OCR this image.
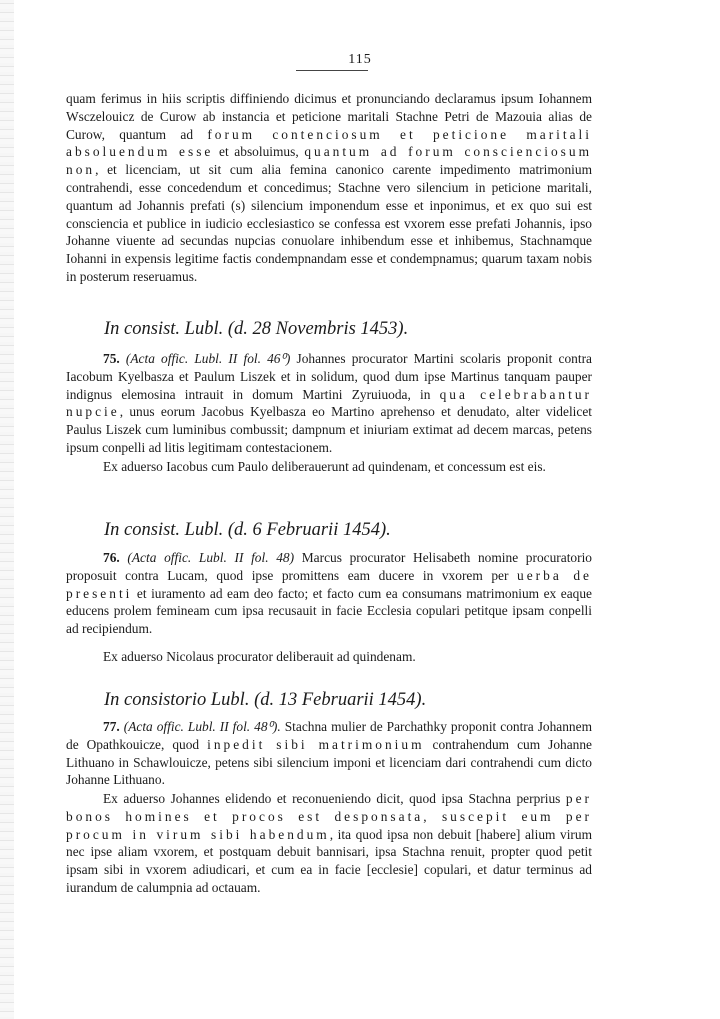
115

quam ferimus in hiis scriptis diffiniendo dicimus et pronunciando declaramus ipsum Iohannem Wsczelouicz de Curow ab instancia et peticione maritali Stachne Petri de Mazouia alias de Curow, quantum ad forum contenciosum et peticione maritali absoluendum esse et absoluimus, quantum ad forum conscienciosum non, et licenciam, ut sit cum alia femina canonico carente impedimento matrimonium contrahendi, esse concedendum et concedimus; Stachne vero silencium in peticione maritali, quantum ad Johannis prefati (s) silencium imponendum esse et inponimus, et ex quo sui est consciencia et publice in iudicio ecclesiastico se confessa est vxorem esse prefati Johannis, ipso Johanne viuente ad secundas nupcias conuolare inhibendum esse et inhibemus, Stachnamque Iohanni in expensis legitime factis condempnandam esse et condempnamus; quarum taxam nobis in posterum reseruamus.

In consist. Lubl. (d. 28 Novembris 1453).

75. (Acta offic. Lubl. II fol. 46⁰) Johannes procurator Martini scolaris proponit contra Iacobum Kyelbasza et Paulum Liszek et in solidum, quod dum ipse Martinus tanquam pauper indignus elemosina intrauit in domum Martini Zyruiuoda, in qua celebrabantur nupcie, unus eorum Jacobus Kyelbasza eo Martino aprehenso et denudato, alter videlicet Paulus Liszek cum luminibus combussit; dampnum et iniuriam extimat ad decem marcas, petens ipsum conpelli ad litis legitimam contestacionem.

Ex aduerso Iacobus cum Paulo deliberauerunt ad quindenam, et concessum est eis.

In consist. Lubl. (d. 6 Februarii 1454).

76. (Acta offic. Lubl. II fol. 48) Marcus procurator Helisabeth nomine procuratorio proposuit contra Lucam, quod ipse promittens eam ducere in vxorem per uerba de presenti et iuramento ad eam deo facto; et facto cum ea consumans matrimonium ex eaque educens prolem femineam cum ipsa recusauit in facie Ecclesia copulari petitque ipsam conpelli ad recipiendum.

Ex aduerso Nicolaus procurator deliberauit ad quindenam.

In consistorio Lubl. (d. 13 Februarii 1454).

77. (Acta offic. Lubl. II fol. 48⁰). Stachna mulier de Parchathky proponit contra Johannem de Opathkouicze, quod inpedit sibi matrimonium contrahendum cum Johanne Lithuano in Schawlouicze, petens sibi silencium imponi et licenciam dari contrahendi cum dicto Johanne Lithuano.

Ex aduerso Johannes elidendo et reconueniendo dicit, quod ipsa Stachna perprius per bonos homines et procos est desponsata, suscepit eum per procum in virum sibi habendum, ita quod ipsa non debuit [habere] alium virum nec ipse aliam vxorem, et postquam debuit bannisari, ipsa Stachna renuit, propter quod petit ipsam sibi in vxorem adiudicari, et cum ea in facie [ecclesie] copulari, et datur terminus ad iurandum de calumpnia ad octauam.
